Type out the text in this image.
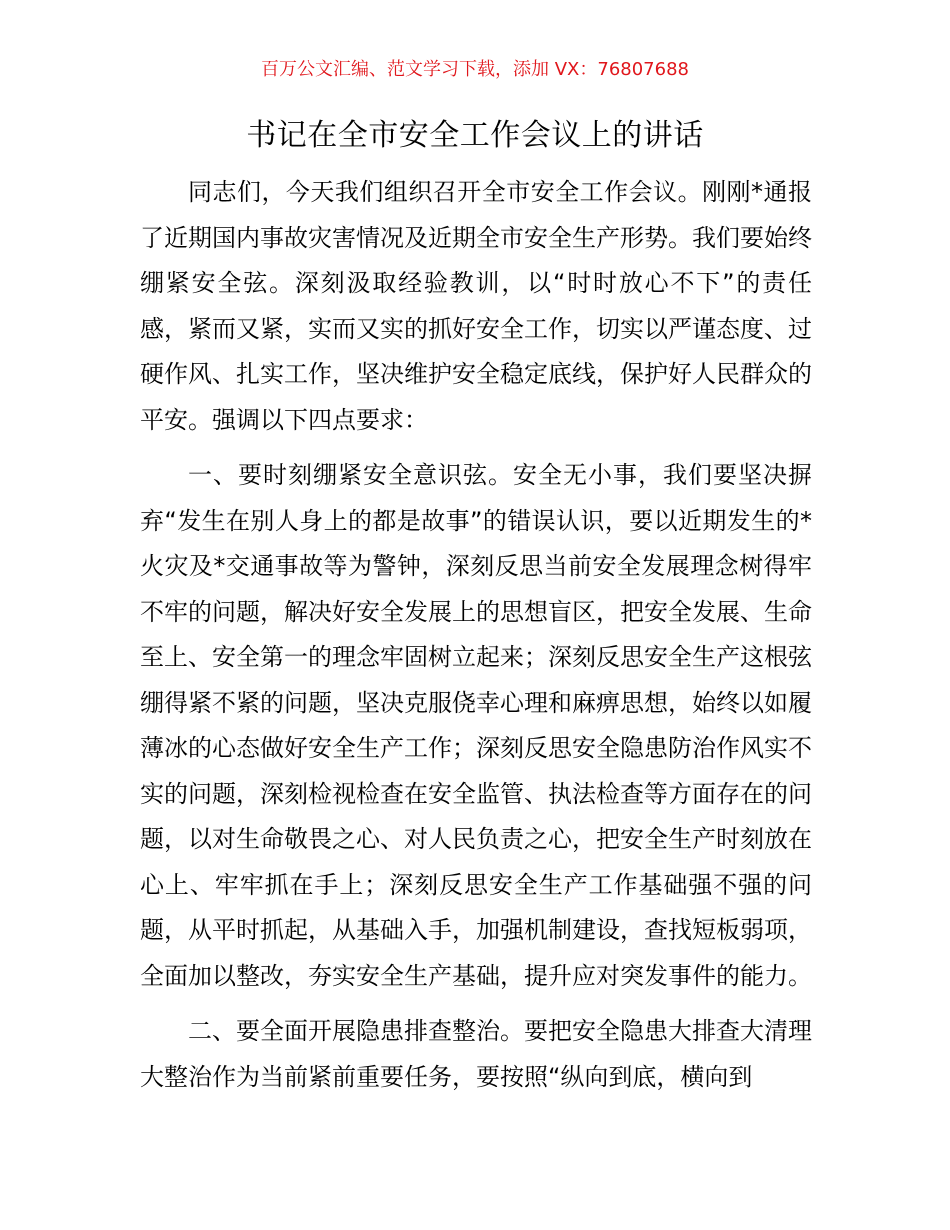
百万公文汇编、范文学习下载，添加 VX：76807688
书记在全市安全工作会议上的讲话

同志们，今天我们组织召开全市安全工作会议。刚刚*通报了近期国内事故灾害情况及近期全市安全生产形势。我们要始终绷紧安全弦。深刻汲取经验教训，以“时时放心不下”的责任感，紧而又紧，实而又实的抓好安全工作，切实以严谨态度、过硬作风、扎实工作，坚决维护安全稳定底线，保护好人民群众的平安。强调以下四点要求：

一、要时刻绷紧安全意识弦。安全无小事，我们要坚决摒弃“发生在别人身上的都是故事”的错误认识，要以近期发生的*火灾及*交通事故等为警钟，深刻反思当前安全发展理念树得牢不牢的问题，解决好安全发展上的思想盲区，把安全发展、生命至上、安全第一的理念牢固树立起来；深刻反思安全生产这根弦绷得紧不紧的问题，坚决克服侥幸心理和麻痹思想，始终以如履薄冰的心态做好安全生产工作；深刻反思安全隐患防治作风实不实的问题，深刻检视检查在安全监管、执法检查等方面存在的问题，以对生命敬畏之心、对人民负责之心，把安全生产时刻放在心上、牢牢抓在手上；深刻反思安全生产工作基础强不强的问题，从平时抓起，从基础入手，加强机制建设，查找短板弱项，全面加以整改，夯实安全生产基础，提升应对突发事件的能力。

二、要全面开展隐患排查整治。要把安全隐患大排查大清理大整治作为当前紧前重要任务，要按照“纵向到底，横向到
